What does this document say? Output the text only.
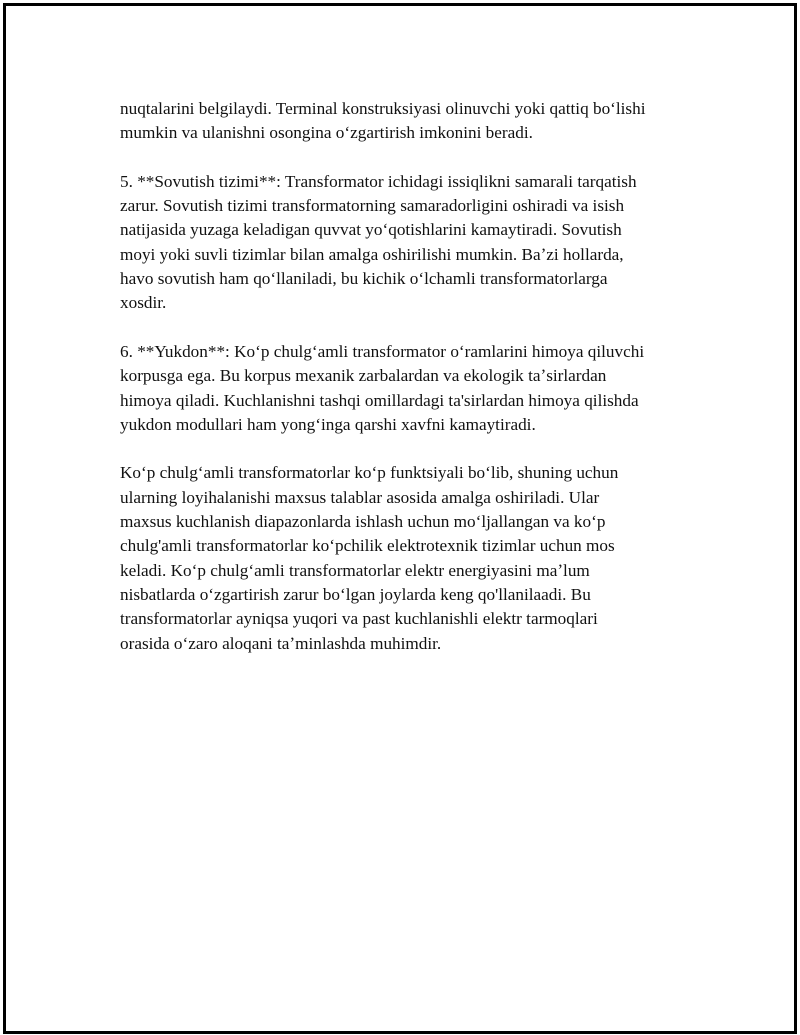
nuqtalarini belgilaydi. Terminal konstruksiyasi olinuvchi yoki qattiq boʻlishi
mumkin va ulanishni osongina oʻzgartirish imkonini beradi.

5. **Sovutish tizimi**: Transformator ichidagi issiqlikni samarali tarqatish
zarur. Sovutish tizimi transformatorning samaradorligini oshiradi va isish
natijasida yuzaga keladigan quvvat yoʻqotishlarini kamaytiradi. Sovutish
moyi yoki suvli tizimlar bilan amalga oshirilishi mumkin. Baʼzi hollarda,
havo sovutish ham qoʻllaniladi, bu kichik oʻlchamli transformatorlarga
xosdir.

6. **Yukdon**: Koʻp chulgʻamli transformator oʻramlarini himoya qiluvchi
korpusga ega. Bu korpus mexanik zarbalardan va ekologik taʼsirlardan
himoya qiladi. Kuchlanishni tashqi omillardagi ta'sirlardan himoya qilishda
yukdon modullari ham yongʻinga qarshi xavfni kamaytiradi.

Koʻp chulgʻamli transformatorlar koʻp funktsiyali boʻlib, shuning uchun
ularning loyihalanishi maxsus talablar asosida amalga oshiriladi. Ular
maxsus kuchlanish diapazonlarda ishlash uchun moʻljallangan va koʻp
chulg'amli transformatorlar koʻpchilik elektrotexnik tizimlar uchun mos
keladi. Koʻp chulgʻamli transformatorlar elektr energiyasini maʼlum
nisbatlarda oʻzgartirish zarur boʻlgan joylarda keng qo'llanilaadi. Bu
transformatorlar ayniqsa yuqori va past kuchlanishli elektr tarmoqlari
orasida oʻzaro aloqani taʼminlashda muhimdir.
